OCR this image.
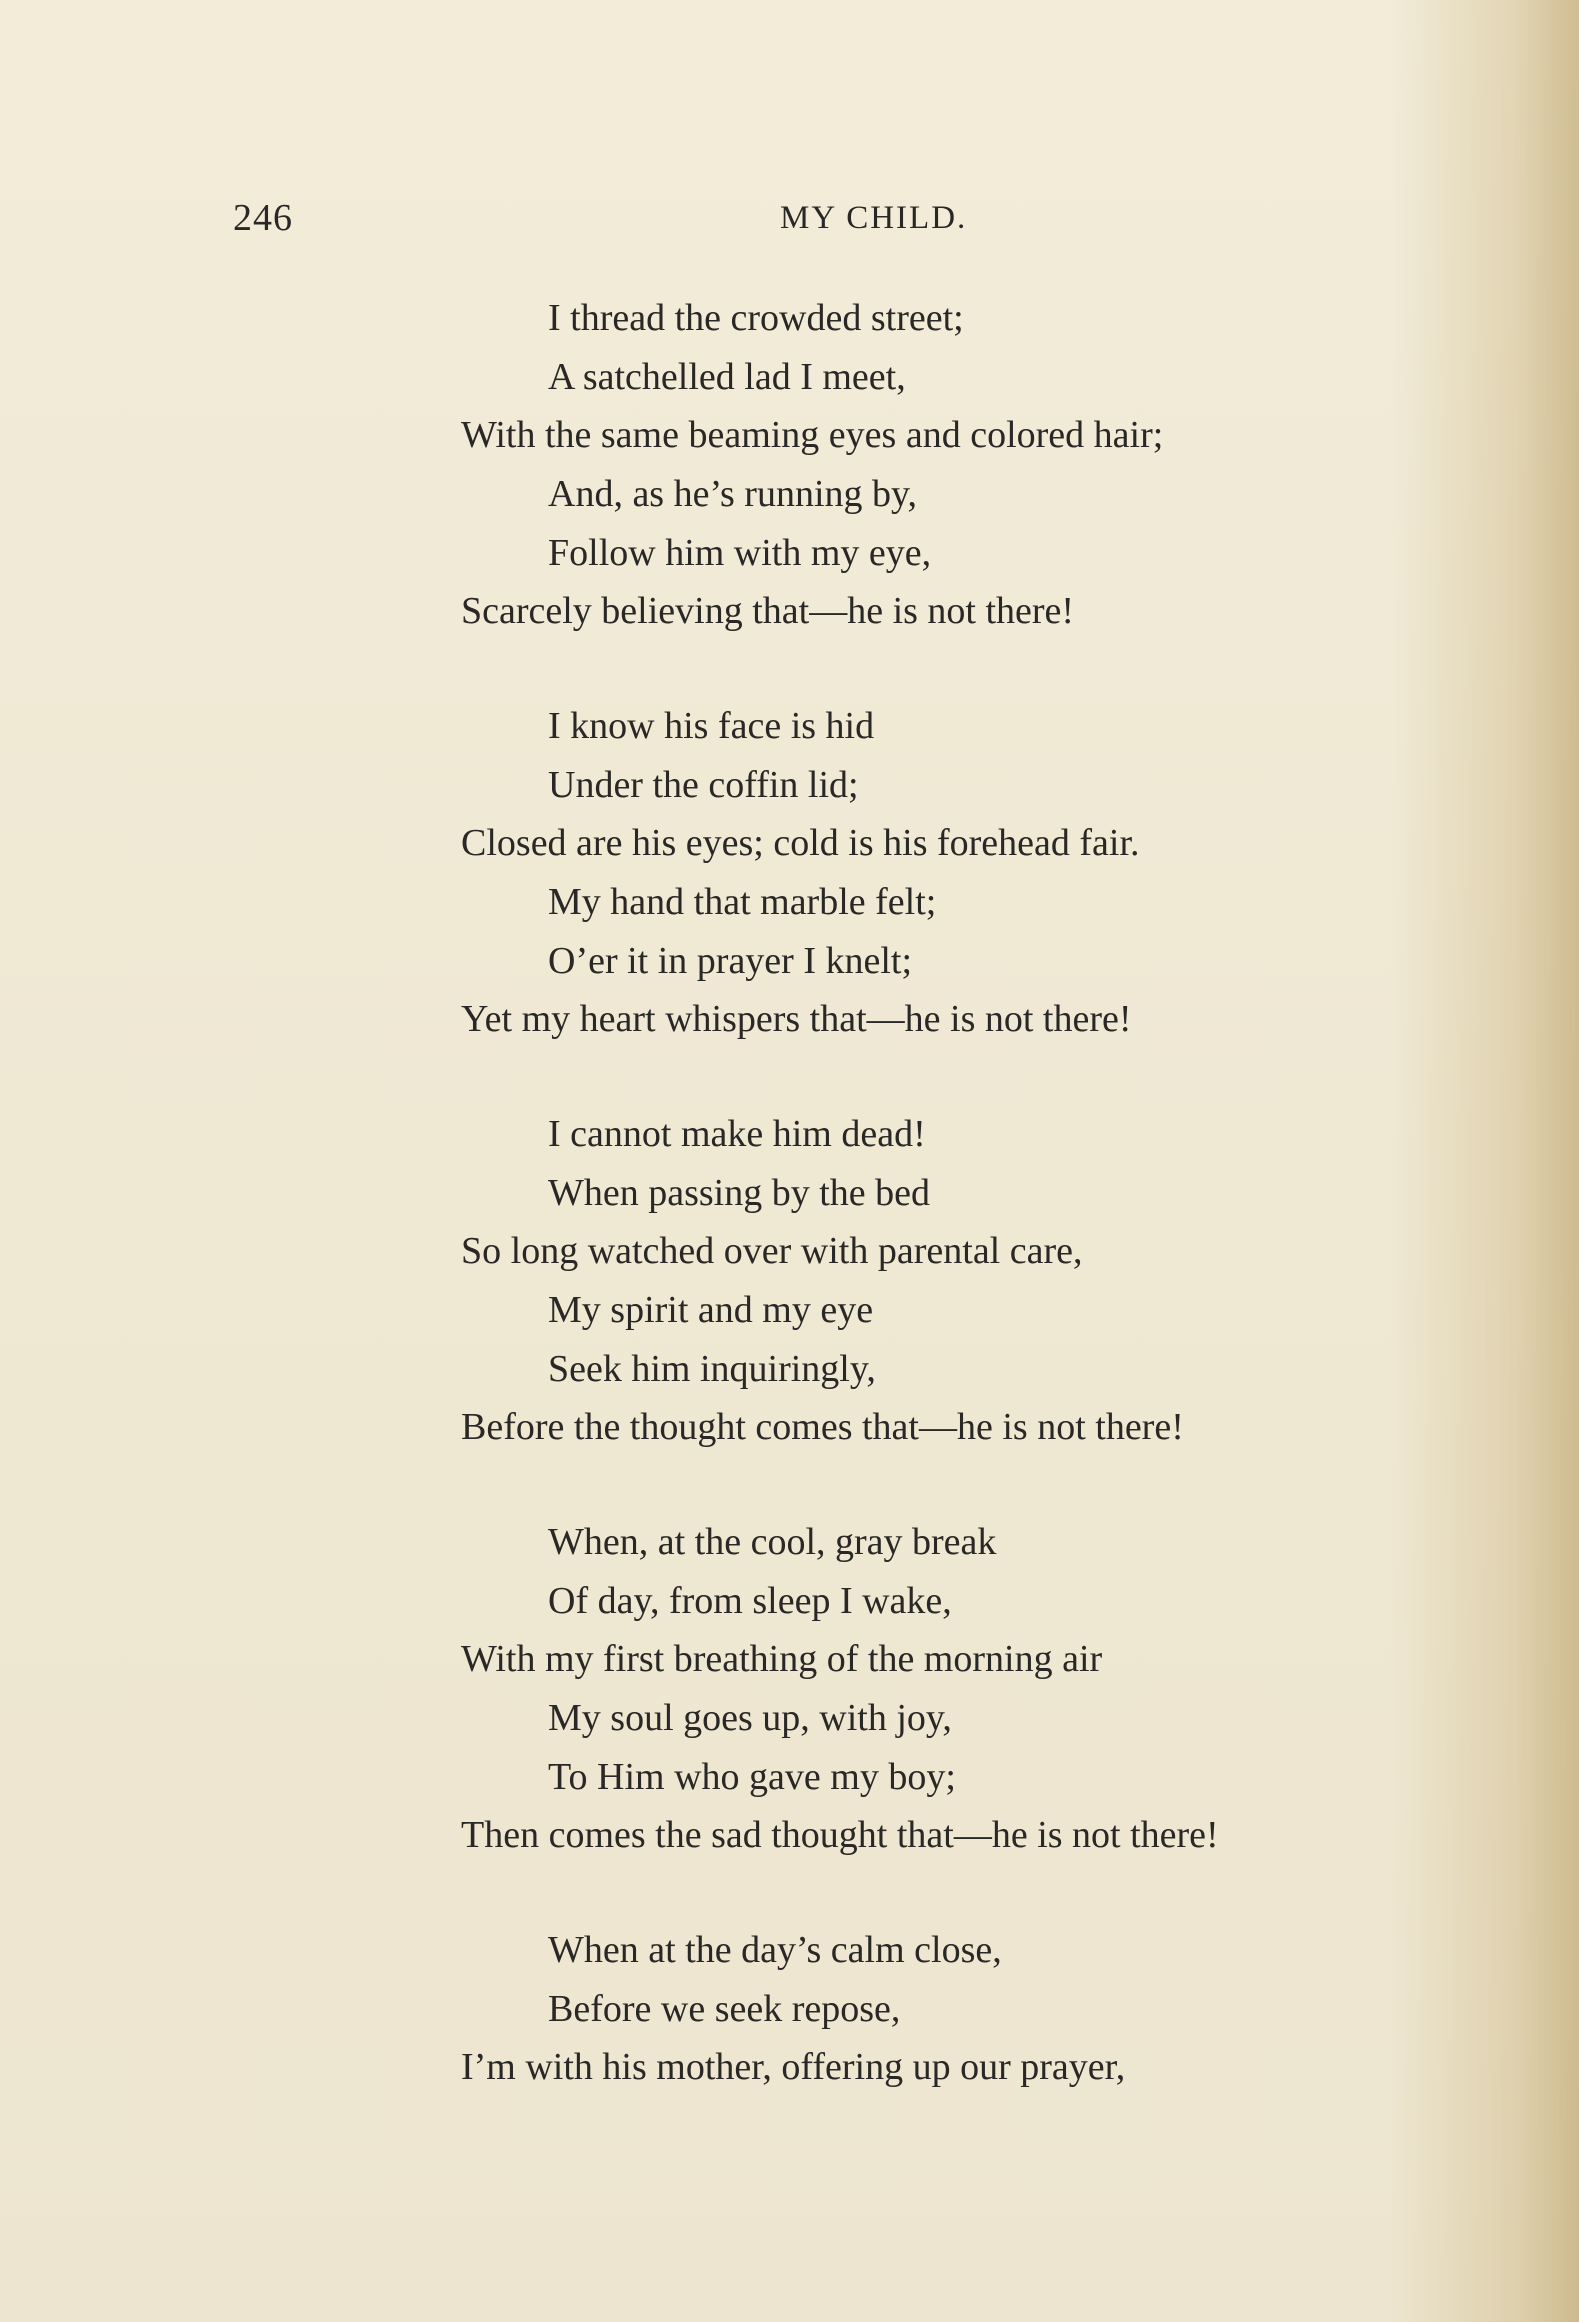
246	MY CHILD.
I thread the crowded street;
A satchelled lad I meet,
With the same beaming eyes and colored hair;
And, as he’s running by,
Follow him with my eye,
Scarcely believing that—he is not there!
I know his face is hid
Under the coffin lid;
Closed are his eyes; cold is his forehead fair.
My hand that marble felt;
O’er it in prayer I knelt;
Yet my heart whispers that—he is not there!
I cannot make him dead!
When passing by the bed
So long watched over with parental care,
My spirit and my eye
Seek him inquiringly,
Before the thought comes that—he is not there!
When, at the cool, gray break
Of day, from sleep I wake,
With my first breathing of the morning air
My soul goes up, with joy,
To Him who gave my boy;
Then comes the sad thought that—he is not there!
When at the day’s calm close,
Before we seek repose,
I’m with his mother, offering up our prayer,
